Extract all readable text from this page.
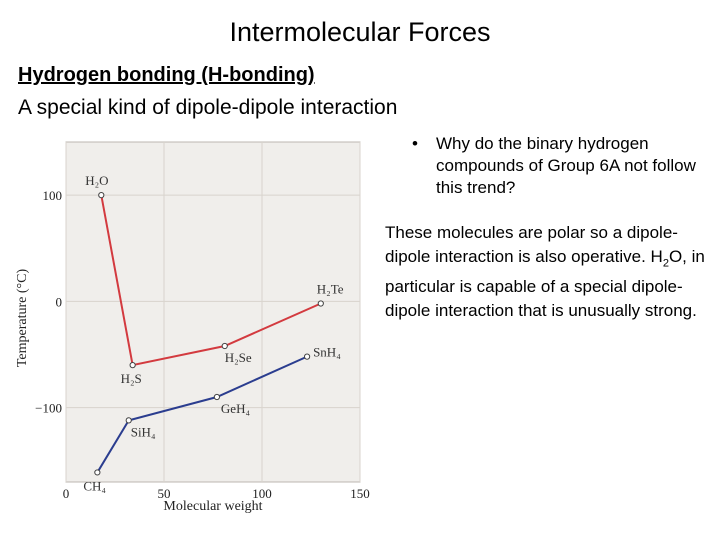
Intermolecular Forces
Hydrogen bonding (H-bonding)
A special kind of dipole-dipole interaction
• Why do the binary hydrogen compounds of Group 6A not follow this trend?
These molecules are polar so a dipole-dipole interaction is also operative. $H_2O$, in particular is capable of a special dipole-dipole interaction that is unusually strong.
0	50	100	150
100
0
−100
H₂O
H₂S
H₂Se
H₂Te
CH₄
SiH₄
GeH₄
SnH₄
Molecular weight
Temperature (°C)
